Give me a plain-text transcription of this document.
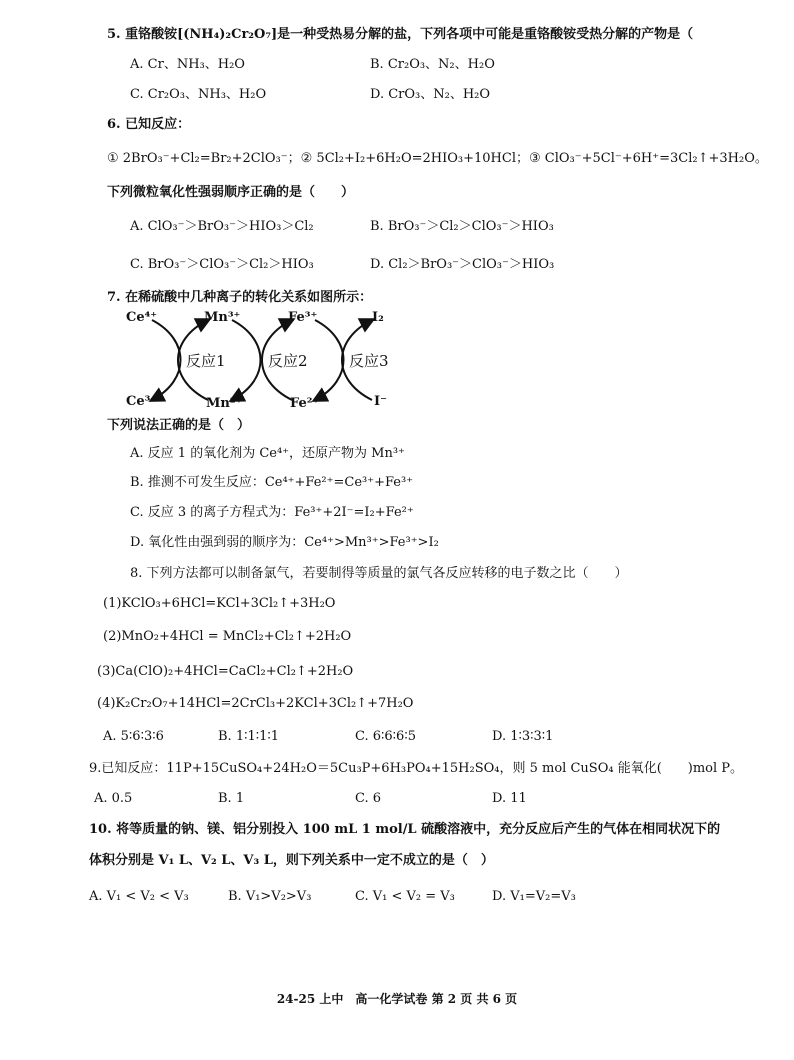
5. 重铬酸铵[(NH₄)₂Cr₂O₇]是一种受热易分解的盐，下列各项中可能是重铬酸铵受热分解的产物是（
A. Cr、NH₃、H₂O	B. Cr₂O₃、N₂、H₂O
C. Cr₂O₃、NH₃、H₂O	D. CrO₃、N₂、H₂O
6. 已知反应：
① 2BrO₃⁻+Cl₂=Br₂+2ClO₃⁻；② 5Cl₂+I₂+6H₂O=2HIO₃+10HCl；③ ClO₃⁻+5Cl⁻+6H⁺=3Cl₂↑+3H₂O。
下列微粒氧化性强弱顺序正确的是（　　）
A. ClO₃⁻＞BrO₃⁻＞HIO₃＞Cl₂	B. BrO₃⁻＞Cl₂＞ClO₃⁻＞HIO₃
C. BrO₃⁻＞ClO₃⁻＞Cl₂＞HIO₃	D. Cl₂＞BrO₃⁻＞ClO₃⁻＞HIO₃
7. 在稀硫酸中几种离子的转化关系如图所示：
Ce⁴⁺	Mn³⁺	Fe³⁺	I₂
Ce³⁺	Mn²⁺	Fe²⁺	I⁻
反应1	反应2	反应3
下列说法正确的是（　）
A. 反应 1 的氧化剂为 Ce⁴⁺，还原产物为 Mn³⁺
B. 推测不可发生反应：Ce⁴⁺+Fe²⁺=Ce³⁺+Fe³⁺
C. 反应 3 的离子方程式为：Fe³⁺+2I⁻=I₂+Fe²⁺
D. 氧化性由强到弱的顺序为：Ce⁴⁺>Mn³⁺>Fe³⁺>I₂
8. 下列方法都可以制备氯气，若要制得等质量的氯气各反应转移的电子数之比（　　）
(1)KClO₃+6HCl=KCl+3Cl₂↑+3H₂O
(2)MnO₂+4HCl = MnCl₂+Cl₂↑+2H₂O
(3)Ca(ClO)₂+4HCl=CaCl₂+Cl₂↑+2H₂O
(4)K₂Cr₂O₇+14HCl=2CrCl₃+2KCl+3Cl₂↑+7H₂O
A. 5∶6∶3∶6	B. 1∶1∶1∶1	C. 6∶6∶6∶5	D. 1∶3∶3∶1
9.已知反应：11P+15CuSO₄+24H₂O＝5Cu₃P+6H₃PO₄+15H₂SO₄，则 5 mol CuSO₄ 能氧化(　　)mol P。
A. 0.5	B. 1	C. 6	D. 11
10. 将等质量的钠、镁、铝分别投入 100 mL 1 mol/L 硫酸溶液中，充分反应后产生的气体在相同状况下的
体积分别是 V₁ L、V₂ L、V₃ L，则下列关系中一定不成立的是（　）
A. V₁ < V₂ < V₃	B. V₁>V₂>V₃	C. V₁ < V₂ = V₃	D. V₁=V₂=V₃
24-25 上中　高一化学试卷 第 2 页 共 6 页
